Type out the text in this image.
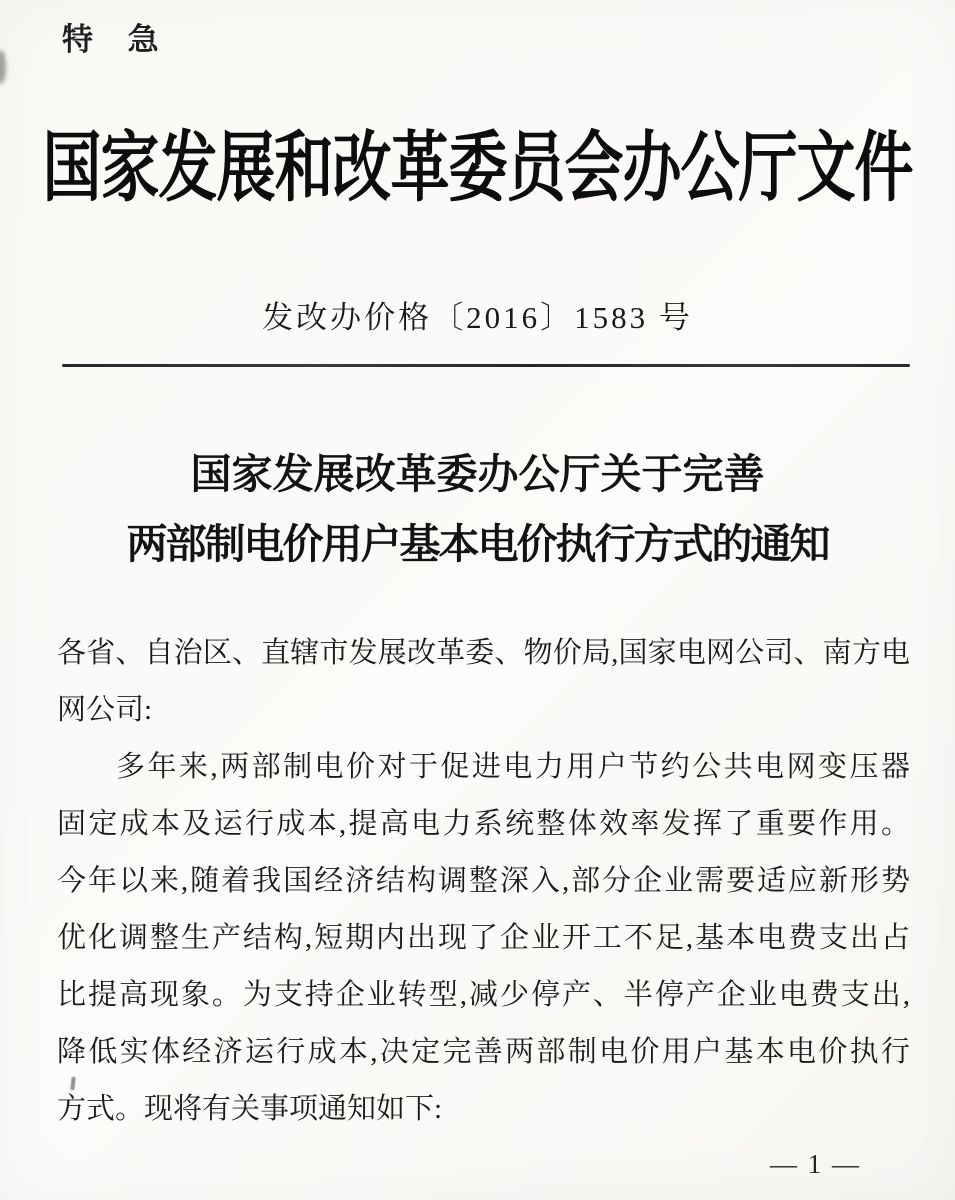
特 急
国家发展和改革委员会办公厅文件
发改办价格〔2016〕1583 号
国家发展改革委办公厅关于完善
两部制电价用户基本电价执行方式的通知
各省、自治区、直辖市发展改革委、物价局,国家电网公司、南方电
网公司:
多年来,两部制电价对于促进电力用户节约公共电网变压器
固定成本及运行成本,提高电力系统整体效率发挥了重要作用。
今年以来,随着我国经济结构调整深入,部分企业需要适应新形势
优化调整生产结构,短期内出现了企业开工不足,基本电费支出占
比提高现象。为支持企业转型,减少停产、半停产企业电费支出,
降低实体经济运行成本,决定完善两部制电价用户基本电价执行
方式。现将有关事项通知如下:
— 1 —
